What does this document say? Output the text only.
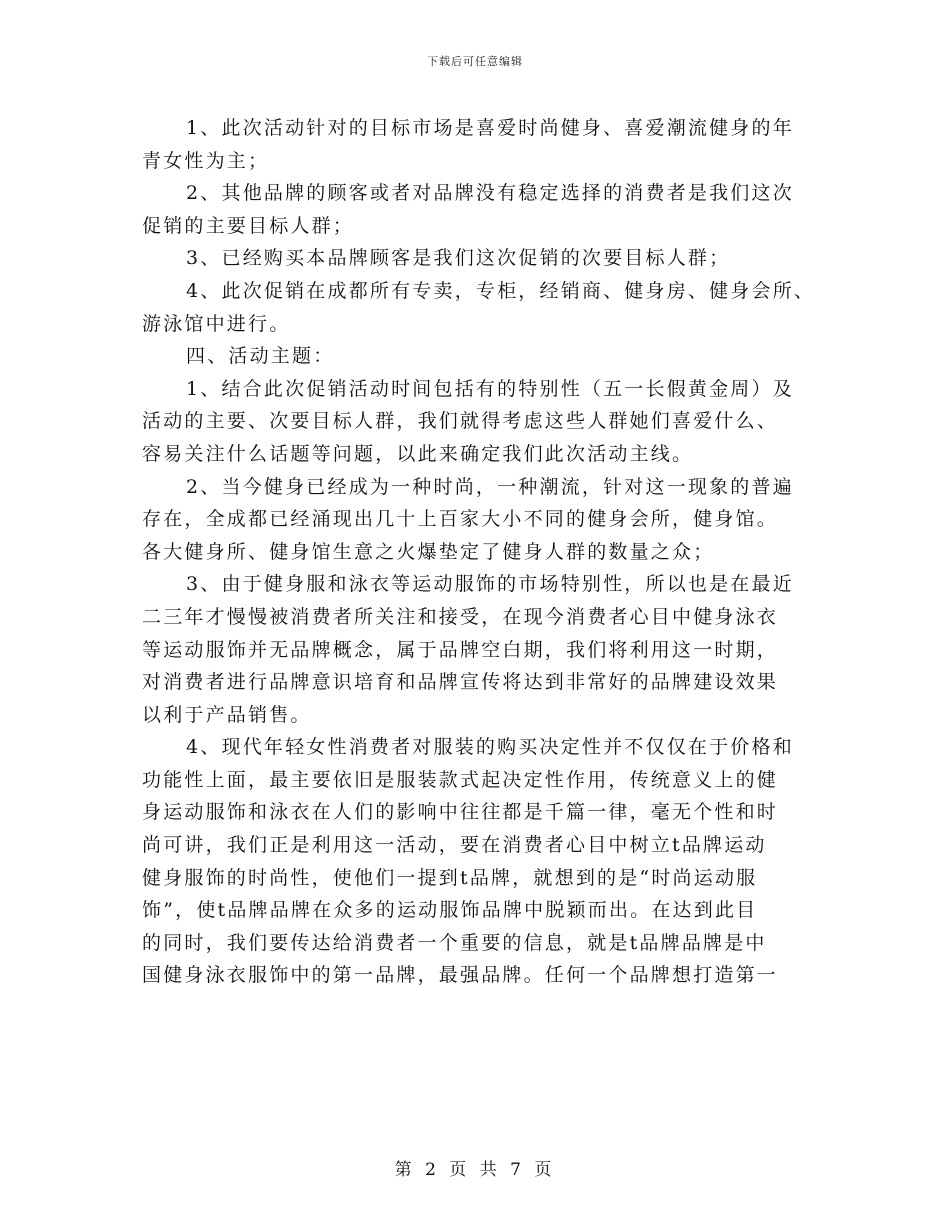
下载后可任意编辑
1、此次活动针对的目标市场是喜爱时尚健身、喜爱潮流健身的年
青女性为主；
2、其他品牌的顾客或者对品牌没有稳定选择的消费者是我们这次
促销的主要目标人群；
3、已经购买本品牌顾客是我们这次促销的次要目标人群；
4、此次促销在成都所有专卖，专柜，经销商、健身房、健身会所、
游泳馆中进行。
四、活动主题：
1、结合此次促销活动时间包括有的特别性（五一长假黄金周）及
活动的主要、次要目标人群，我们就得考虑这些人群她们喜爱什么、
容易关注什么话题等问题，以此来确定我们此次活动主线。
2、当今健身已经成为一种时尚，一种潮流，针对这一现象的普遍
存在，全成都已经涌现出几十上百家大小不同的健身会所，健身馆。
各大健身所、健身馆生意之火爆垫定了健身人群的数量之众；
3、由于健身服和泳衣等运动服饰的市场特别性，所以也是在最近
二三年才慢慢被消费者所关注和接受，在现今消费者心目中健身泳衣
等运动服饰并无品牌概念，属于品牌空白期，我们将利用这一时期，
对消费者进行品牌意识培育和品牌宣传将达到非常好的品牌建设效果
以利于产品销售。
4、现代年轻女性消费者对服装的购买决定性并不仅仅在于价格和
功能性上面，最主要依旧是服装款式起决定性作用，传统意义上的健
身运动服饰和泳衣在人们的影响中往往都是千篇一律，毫无个性和时
尚可讲，我们正是利用这一活动，要在消费者心目中树立t品牌运动
健身服饰的时尚性，使他们一提到t品牌，就想到的是“时尚运动服
饰”，使t品牌品牌在众多的运动服饰品牌中脱颖而出。在达到此目
的同时，我们要传达给消费者一个重要的信息，就是t品牌品牌是中
国健身泳衣服饰中的第一品牌，最强品牌。任何一个品牌想打造第一
第 2 页 共 7 页
